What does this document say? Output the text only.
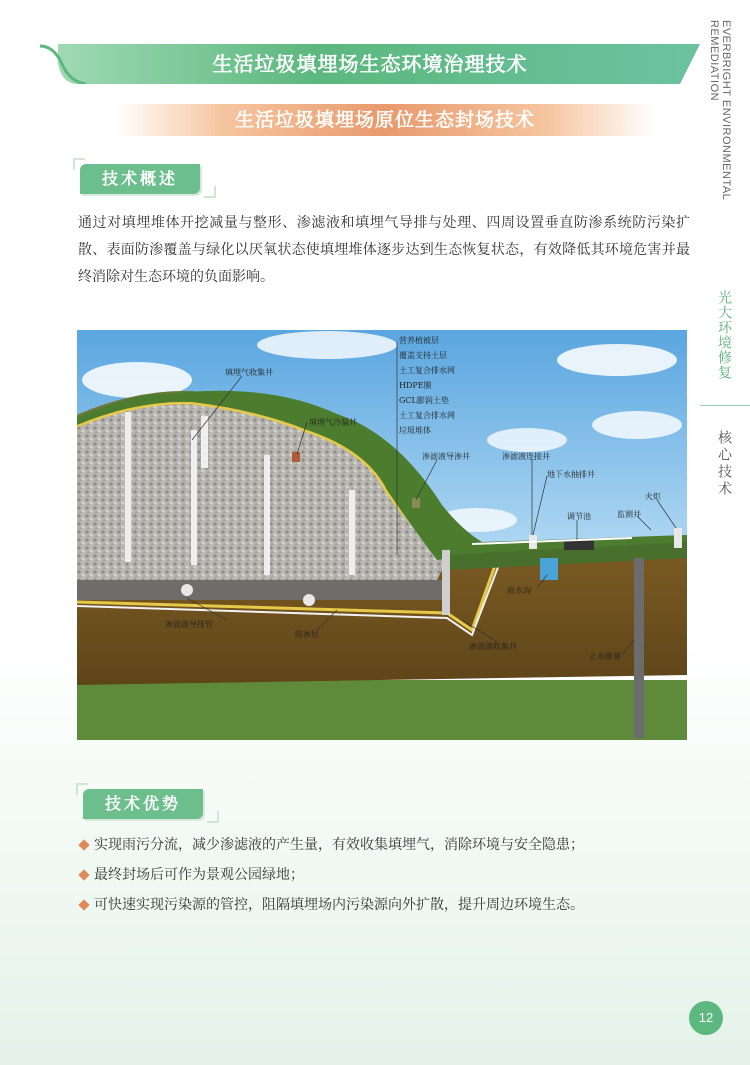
生活垃圾填埋场生态环境治理技术
生活垃圾填埋场原位生态封场技术	EVERBRIGHT ENVIRONMENTAL REMEDIATION
光大环境修复
核心技术
技术概述
通过对填埋堆体开挖减量与整形、渗滤液和填埋气导排与处理、四周设置垂直防渗系统防污染扩散、表面防渗覆盖与绿化以厌氧状态使填埋堆体逐步达到生态恢复状态，有效降低其环境危害并最终消除对生态环境的负面影响。
营养植被层
覆盖支持土层
土工复合排水网
HDPE膜
GCL膨润土垫
土工复合排水网
垃圾堆体
填埋气收集井
填埋气冷凝井
渗滤液导渗井	渗滤液连接井
地下水抽排井
火炬
调节池	监测井
雨水沟
渗滤液导排管
防渗层
渗滤液收集井
止水帷幕
技术优势
实现雨污分流，减少渗滤液的产生量，有效收集填埋气，消除环境与安全隐患；
最终封场后可作为景观公园绿地；
可快速实现污染源的管控，阻隔填埋场内污染源向外扩散，提升周边环境生态。
12
